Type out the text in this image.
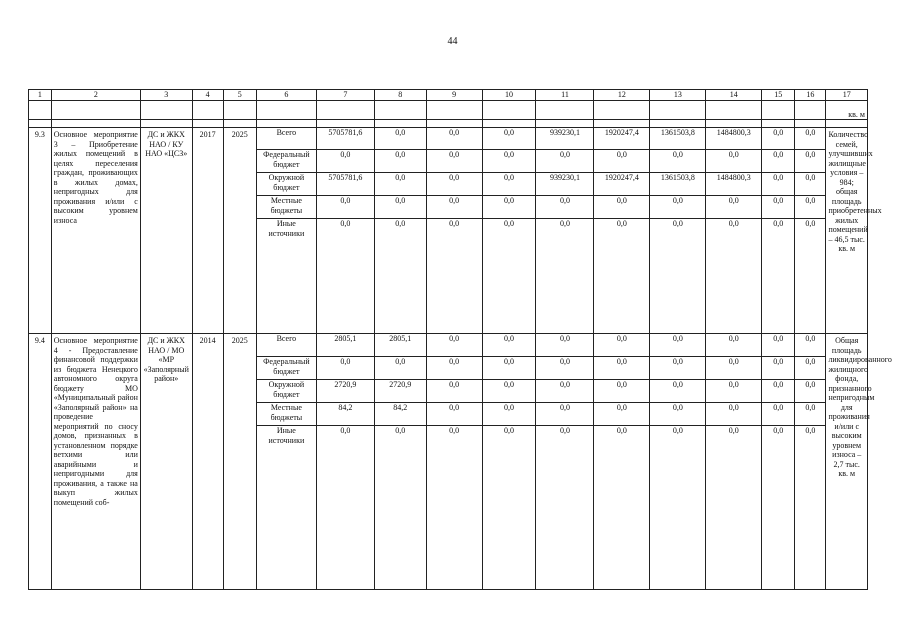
44
1	2	3	4	5	6	7	8	9	10	11	12	13	14	15	16	17
																кв. м

9.3	Основное мероприятие 3 – Приобретение жилых помещений в целях переселения граждан, проживающих в жилых домах, непригодных для проживания и/или с высоким уровнем износа	ДС и ЖКХ НАО / КУ НАО «ЦСЗ»	2017	2025	Всего	5705781,6	0,0	0,0	0,0	939230,1	1920247,4	1361503,8	1484800,3	0,0	0,0	Количество семей, улучшивших жилищные условия – 984; общая площадь приобретенных жилых помещений – 46,5 тыс. кв. м
					Федеральный бюджет	0,0	0,0	0,0	0,0	0,0	0,0	0,0	0,0	0,0	0,0	
					Окружной бюджет	5705781,6	0,0	0,0	0,0	939230,1	1920247,4	1361503,8	1484800,3	0,0	0,0	
					Местные бюджеты	0,0	0,0	0,0	0,0	0,0	0,0	0,0	0,0	0,0	0,0	
					Иные источники	0,0	0,0	0,0	0,0	0,0	0,0	0,0	0,0	0,0	0,0	
9.4	Основное мероприятие 4 - Предоставление финансовой поддержки из бюджета Ненецкого автономного округа бюджету МО «Муниципальный район «Заполярный район» на проведение мероприятий по сносу домов, признанных в установленном порядке ветхими или аварийными и непригодными для проживания, а также на выкуп жилых помещений соб-	ДС и ЖКХ НАО / МО «МР «Заполярный район»	2014	2025	Всего	2805,1	2805,1	0,0	0,0	0,0	0,0	0,0	0,0	0,0	0,0	Общая площадь ликвидированного жилищного фонда, признанного непригодным для проживания и/или с высоким уровнем износа – 2,7 тыс. кв. м
					Федеральный бюджет	0,0	0,0	0,0	0,0	0,0	0,0	0,0	0,0	0,0	0,0	
					Окружной бюджет	2720,9	2720,9	0,0	0,0	0,0	0,0	0,0	0,0	0,0	0,0	
					Местные бюджеты	84,2	84,2	0,0	0,0	0,0	0,0	0,0	0,0	0,0	0,0	
					Иные источники	0,0	0,0	0,0	0,0	0,0	0,0	0,0	0,0	0,0	0,0	
